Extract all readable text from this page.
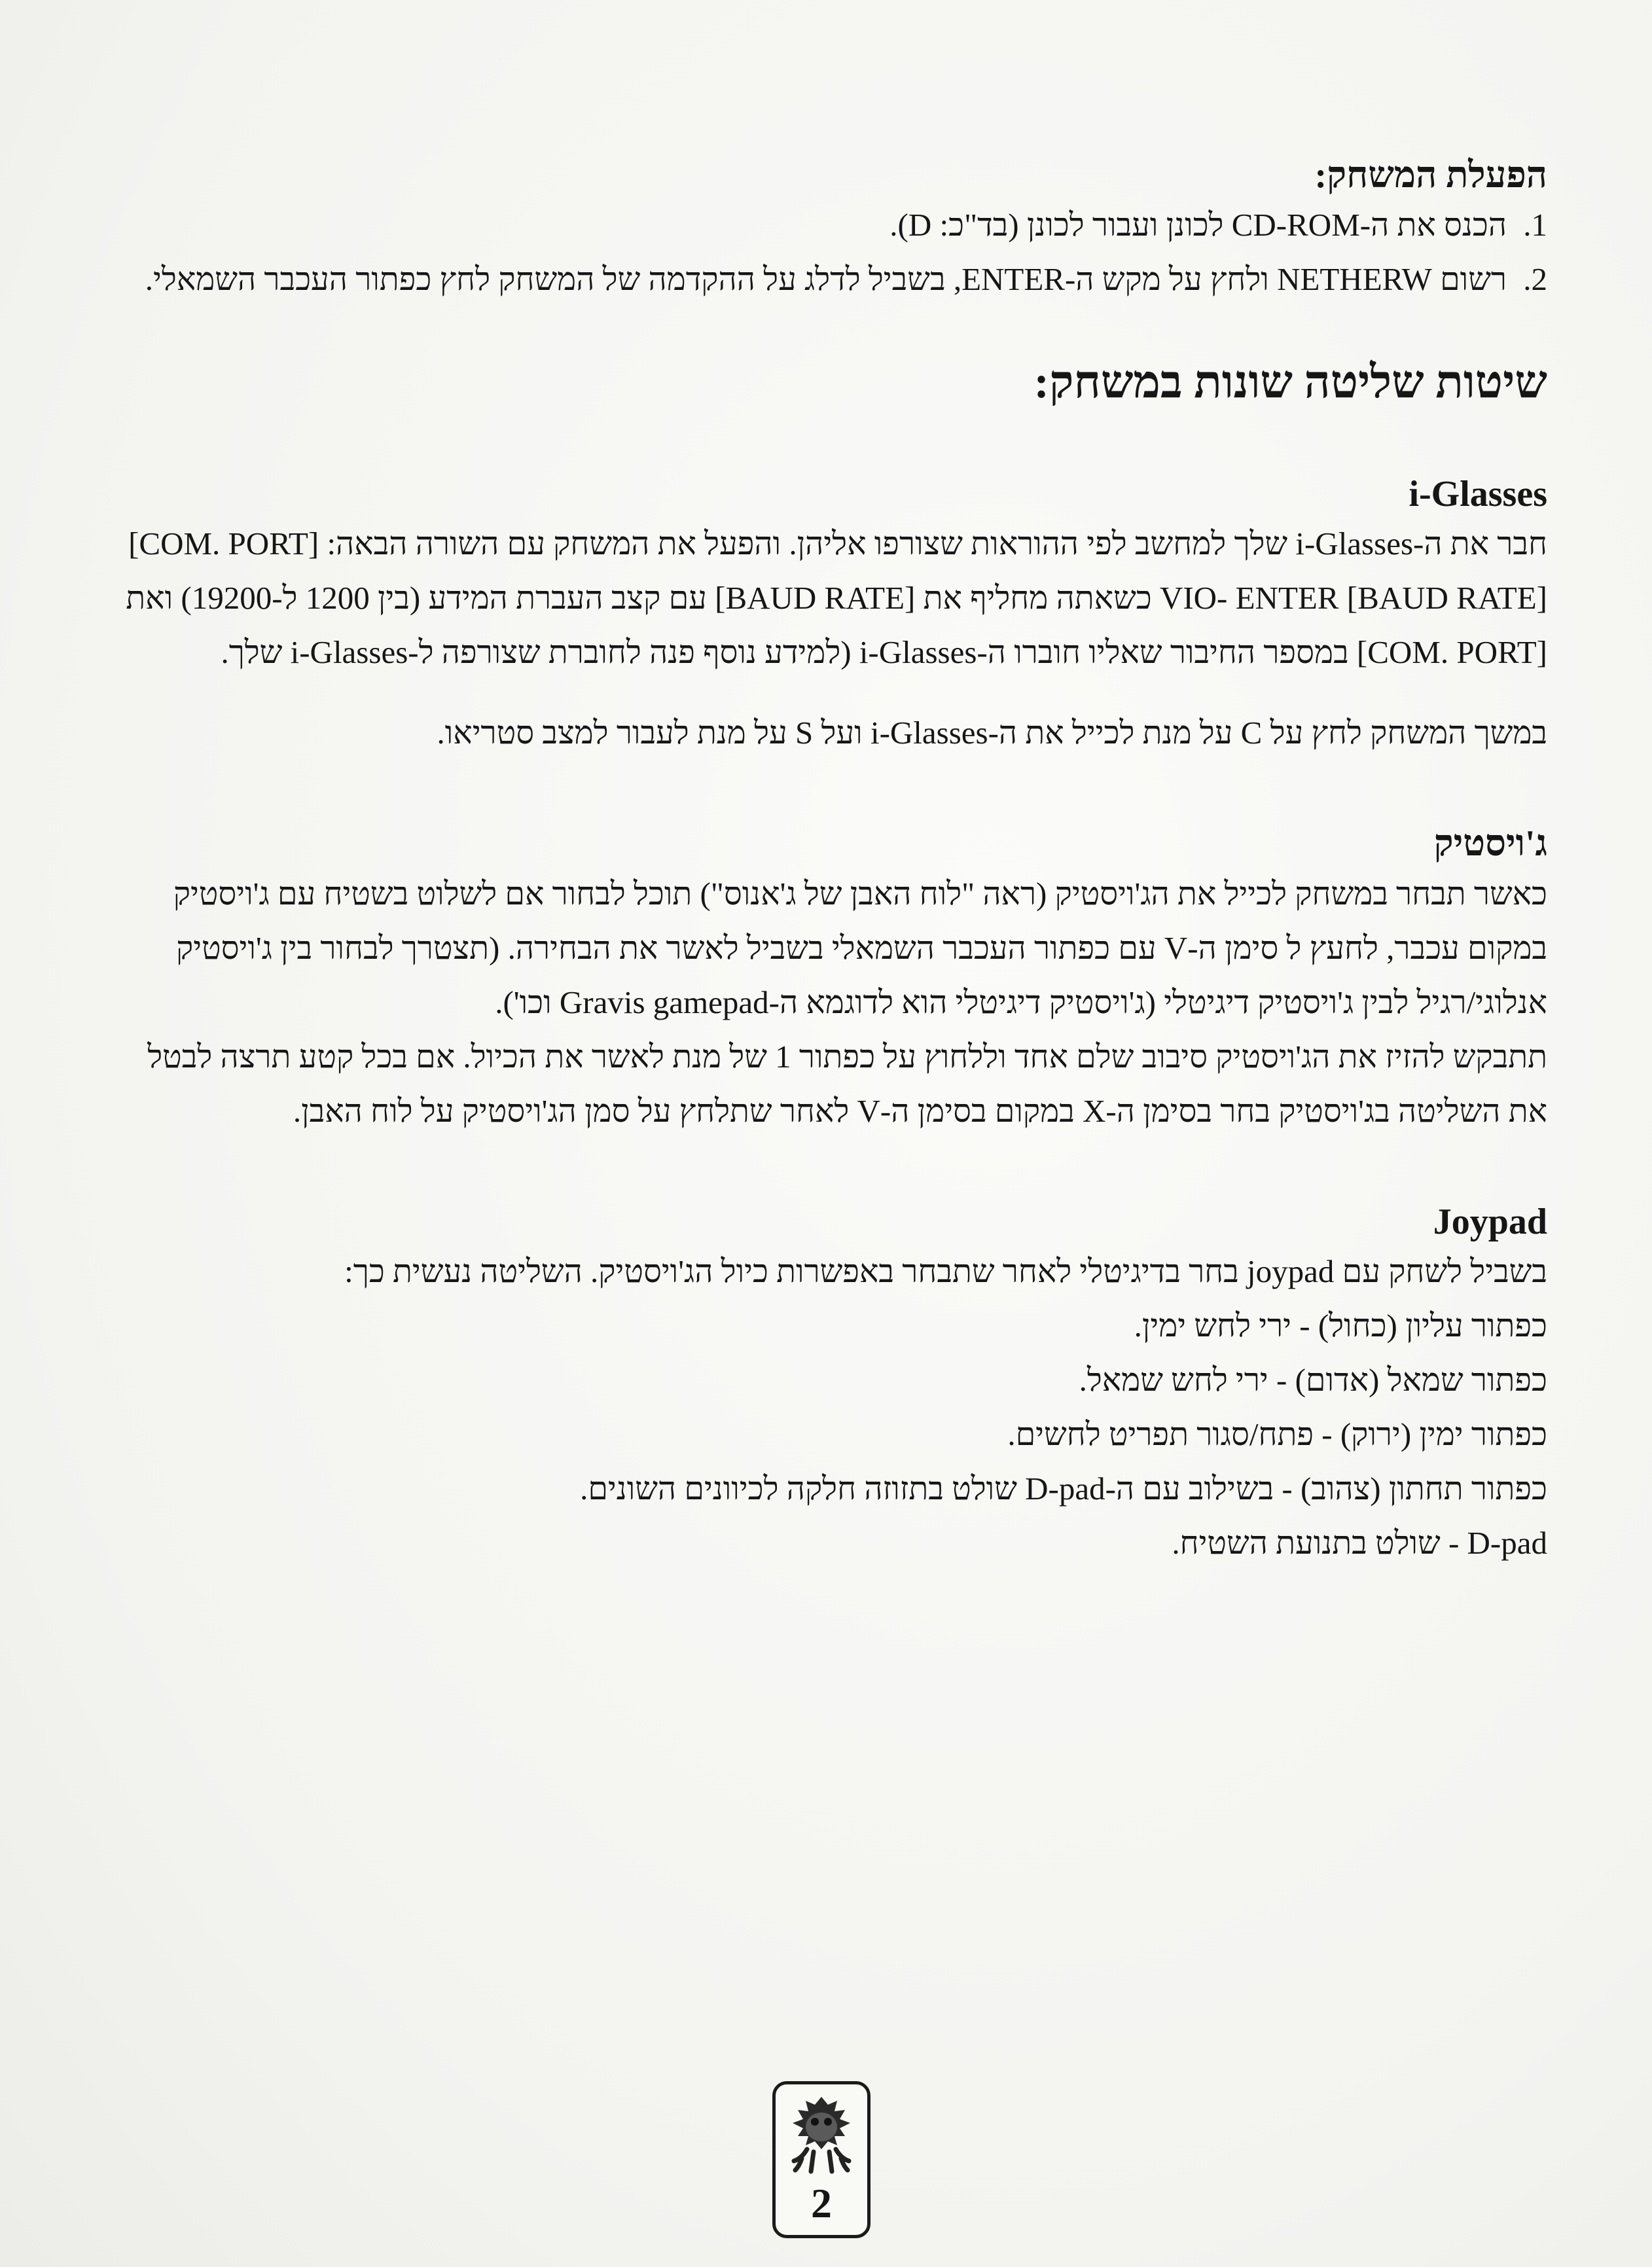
הפעלת המשחק:
1.
הכנס את ה-CD-ROM לכונן ועבור לכונן (בד"כ: D).
2.
רשום NETHERW ולחץ על מקש ה-ENTER, בשביל לדלג על ההקדמה של המשחק לחץ כפתור העכבר השמאלי.
שיטות שליטה שונות במשחק:
i-Glasses

חבר את ה-i-Glasses שלך למחשב לפי ההוראות שצורפו אליהן. והפעל את המשחק עם השורה הבאה: [COM. PORT] [BAUD RATE] VIO- ENTER כשאתה מחליף את [BAUD RATE] עם קצב העברת המידע (בין 1200 ל-19200) ואת [COM. PORT] במספר החיבור שאליו חוברו ה-i-Glasses (למידע נוסף פנה לחוברת שצורפה ל-i-Glasses שלך.

במשך המשחק לחץ על C על מנת לכייל את ה-i-Glasses ועל S על מנת לעבור למצב סטריאו.

ג'ויסטיק

כאשר תבחר במשחק לכייל את הג'ויסטיק (ראה "לוח האבן של ג'אנוס") תוכל לבחור אם לשלוט בשטיח עם ג'ויסטיק במקום עכבר, לחעץ ל סימן ה-V עם כפתור העכבר השמאלי בשביל לאשר את הבחירה. (תצטרך לבחור בין ג'ויסטיק אנלוגי/רגיל לבין ג'ויסטיק דיגיטלי (ג'ויסטיק דיגיטלי הוא לדוגמא ה-Gravis gamepad וכו').

תתבקש להזיז את הג'ויסטיק סיבוב שלם אחד וללחוץ על כפתור 1 של מנת לאשר את הכיול. אם בכל קטע תרצה לבטל את השליטה בג'ויסטיק בחר בסימן ה-X במקום בסימן ה-V לאחר שתלחץ על סמן הג'ויסטיק על לוח האבן.

Joypad

בשביל לשחק עם joypad בחר בדיגיטלי לאחר שתבחר באפשרות כיול הג'ויסטיק. השליטה נעשית כך:

כפתור עליון (כחול) - ירי לחש ימין.

כפתור שמאל (אדום) - ירי לחש שמאל.

כפתור ימין (ירוק) - פתח/סגור תפריט לחשים.

כפתור תחתון (צהוב) - בשילוב עם ה-D-pad שולט בתזוזה חלקה לכיוונים השונים.

D-pad - שולט בתנועת השטיח.

2
